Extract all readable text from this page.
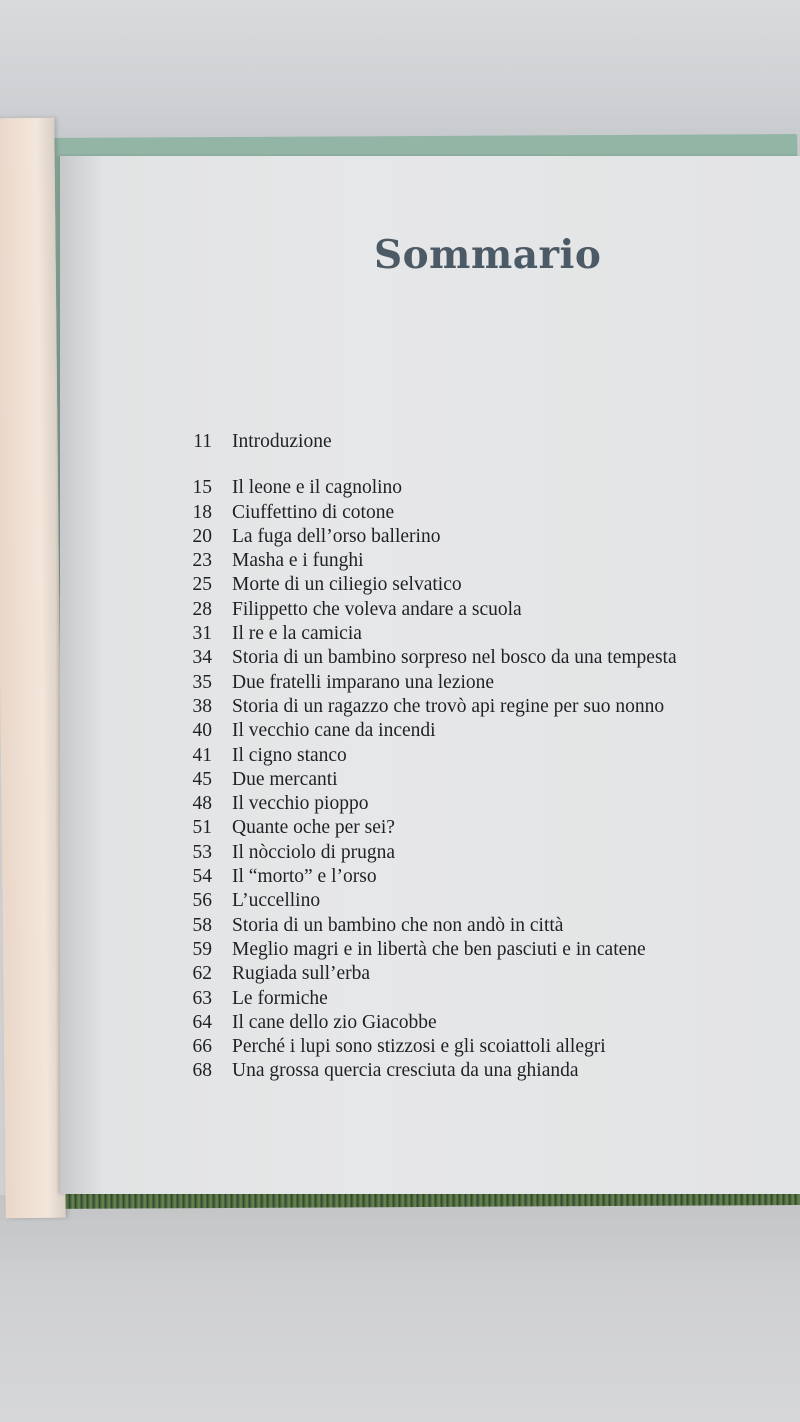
Sommario
11 Introduzione
15 Il leone e il cagnolino
18 Ciuffettino di cotone
20 La fuga dell’orso ballerino
23 Masha e i funghi
25 Morte di un ciliegio selvatico
28 Filippetto che voleva andare a scuola
31 Il re e la camicia
34 Storia di un bambino sorpreso nel bosco da una tempesta
35 Due fratelli imparano una lezione
38 Storia di un ragazzo che trovò api regine per suo nonno
40 Il vecchio cane da incendi
41 Il cigno stanco
45 Due mercanti
48 Il vecchio pioppo
51 Quante oche per sei?
53 Il nòcciolo di prugna
54 Il “morto” e l’orso
56 L’uccellino
58 Storia di un bambino che non andò in città
59 Meglio magri e in libertà che ben pasciuti e in catene
62 Rugiada sull’erba
63 Le formiche
64 Il cane dello zio Giacobbe
66 Perché i lupi sono stizzosi e gli scoiattoli allegri
68 Una grossa quercia cresciuta da una ghianda
